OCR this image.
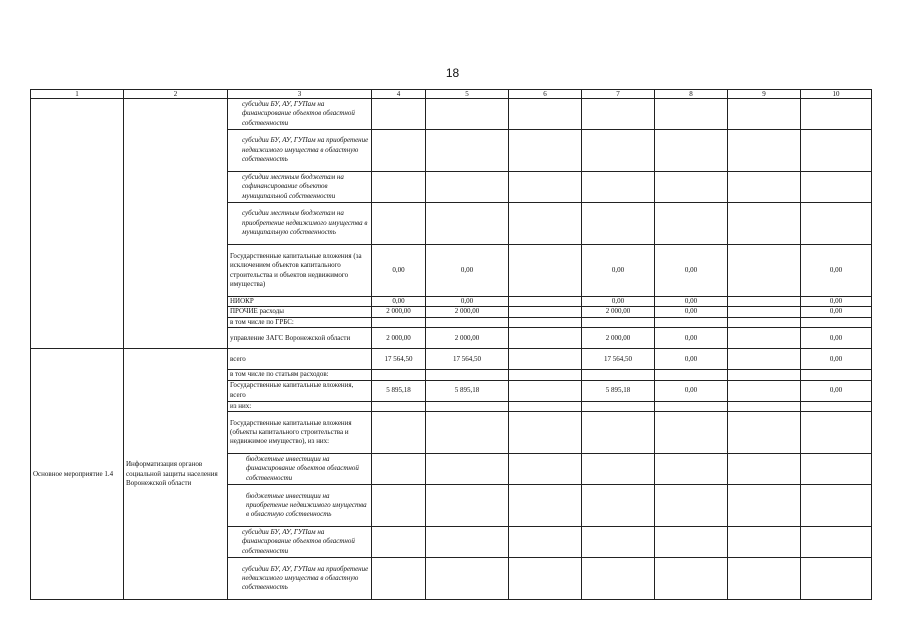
18
1	2	3	4	5	6	7	8	9	10
		субсидии БУ, АУ, ГУПам на финансирование объектов областной собственности							
		субсидии БУ, АУ, ГУПам на приобретение недвижимого имущества в областную собственность							
		субсидии местным бюджетам на софинансирование объектов муниципальной собственности							
		субсидии местным бюджетам на приобретение недвижимого имущества в муниципальную собственность							
		Государственные капитальные вложения (за исключением объектов капитального строительства и объектов недвижимого имущества)	0,00	0,00		0,00	0,00		0,00
		НИОКР	0,00	0,00		0,00	0,00		0,00
		ПРОЧИЕ расходы	2 000,00	2 000,00		2 000,00	0,00		0,00
		в том числе по ГРБС:							
		управление ЗАГС Воронежской области	2 000,00	2 000,00		2 000,00	0,00		0,00
Основное мероприятие 1.4	Информатизация органов социальной защиты населения Воронежской области	всего	17 564,50	17 564,50		17 564,50	0,00		0,00
		в том числе по статьям расходов:							
		Государственные капитальные вложения, всего	5 895,18	5 895,18		5 895,18	0,00		0,00
		из них:							
		Государственные капитальные вложения (объекты капитального строительства и недвижимое имущество), из них:							
		бюджетные инвестиции на финансирование объектов областной собственности							
		бюджетные инвестиции на приобретение недвижимого имущества в областную собственность							
		субсидии БУ, АУ, ГУПам на финансирование объектов областной собственности							
		субсидии БУ, АУ, ГУПам на приобретение недвижимого имущества в областную собственность							
